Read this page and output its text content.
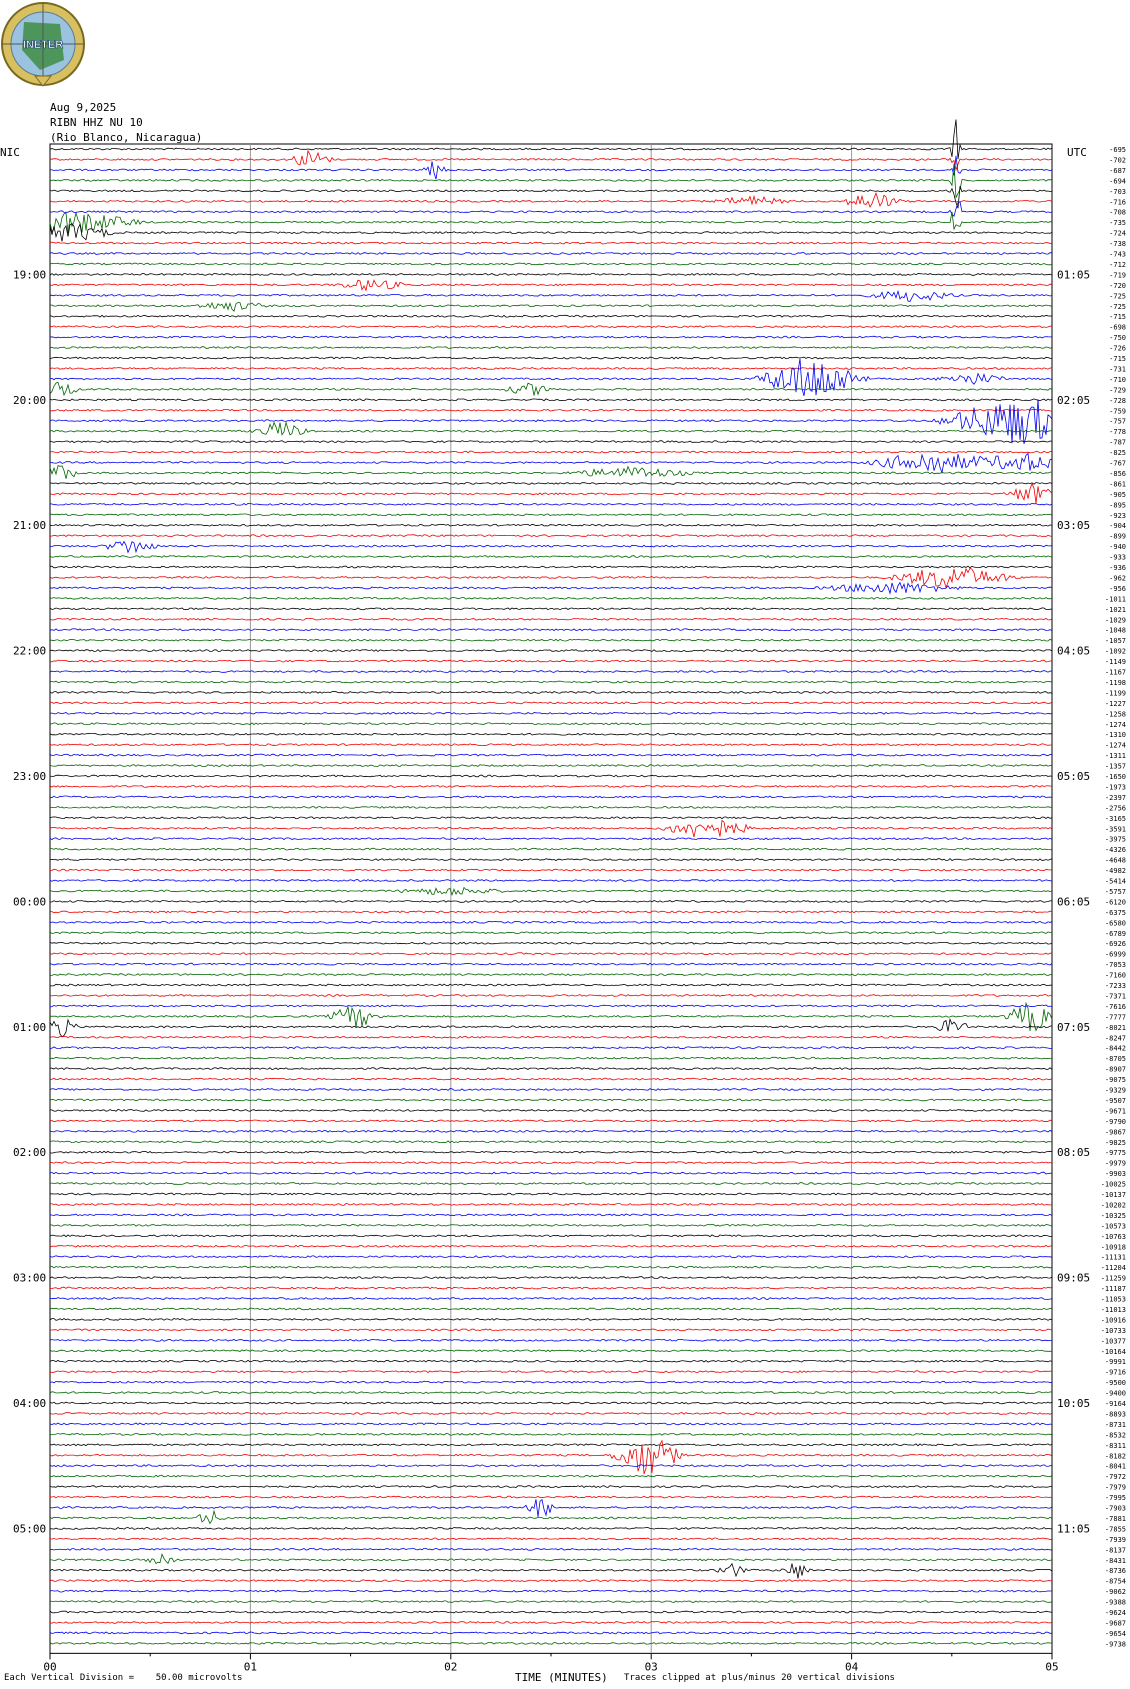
-695
-702
-687
-694
-703
-716
-708
-735
-724
-738
-743
-712
-719
-720
-725
-725
-715
-698
-750
-726
-715
-731
-710
-729
-728
-759
-757
-778
-787
-825
-767
-856
-861
-905
-895
-923
-904
-899
-940
-933
-936
-962
-956
-1011
-1021
-1029
-1048
-1057
-1092
-1149
-1167
-1198
-1199
-1227
-1258
-1274
-1310
-1274
-1311
-1357
-1650
-1973
-2397
-2756
-3165
-3591
-3975
-4326
-4648
-4982
-5414
-5757
-6120
-6375
-6580
-6789
-6926
-6999
-7053
-7160
-7233
-7371
-7616
-7777
-8021
-8247
-8442
-8705
-8907
-9075
-9329
-9507
-9671
-9790
-9867
-9825
-9775
-9979
-9903
-10025
-10137
-10202
-10325
-10573
-10763
-10918
-11131
-11204
-11259
-11187
-11053
-11013
-10916
-10733
-10377
-10164
-9991
-9716
-9500
-9400
-9164
-8893
-8731
-8532
-8311
-8182
-8041
-7972
-7979
-7995
-7903
-7881
-7855
-7939
-8137
-8431
-8736
-8754
-9062
-9388
-9624
-9687
-9654
-9738
19:00
20:00
21:00
22:00
23:00
00:00
01:00
02:00
03:00
04:00
05:00
01:05
02:05
03:05
04:05
05:05
06:05
07:05
08:05
09:05
10:05
11:05
00	01	02	03	04	05
INETER
Aug 9,2025
RIBN HHZ NU 10
(Rio Blanco, Nicaragua)
NIC	UTC
Each Vertical Division =    50.00 microvolts	TIME (MINUTES) Traces clipped at plus/minus 20 vertical divisions
